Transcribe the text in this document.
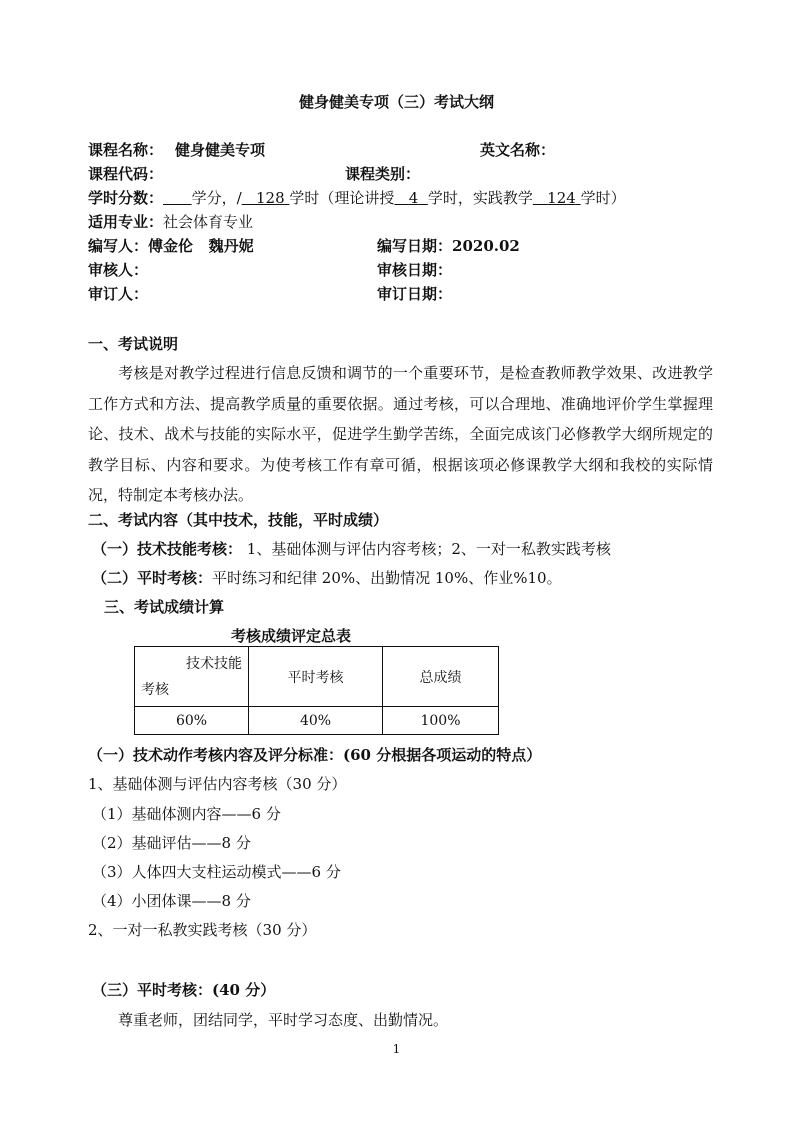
健身健美专项（三）考试大纲
课程名称： 健身健美专项	英文名称：
课程代码：	课程类别：
学时分数： 学分，/ 128 学时（理论讲授 4 学时，实践教学 124 学时）
适用专业：社会体育专业
编写人：傅金伦   魏丹妮	编写日期：2020.02
审核人：	审核日期：
审订人：	审订日期：
一、考试说明
考核是对教学过程进行信息反馈和调节的一个重要环节，是检查教师教学效果、改进教学工作方式和方法、提高教学质量的重要依据。通过考核，可以合理地、准确地评价学生掌握理论、技术、战术与技能的实际水平，促进学生勤学苦练，全面完成该门必修教学大纲所规定的教学目标、内容和要求。为使考核工作有章可循，根据该项必修课教学大纲和我校的实际情况，特制定本考核办法。
二、考试内容（其中技术，技能，平时成绩）
（一）技术技能考核： 1、基础体测与评估内容考核；2、一对一私教实践考核
（二）平时考核：平时练习和纪律 20%、出勤情况 10%、作业%10。
三、考试成绩计算
考核成绩评定总表
技术技能
考核	平时考核	总成绩
60%	40%	100%
（一）技术动作考核内容及评分标准：(60 分根据各项运动的特点）
1、基础体测与评估内容考核（30 分）
（1）基础体测内容——6 分
（2）基础评估——8 分
（3）人体四大支柱运动模式——6 分
（4）小团体课——8 分
2、一对一私教实践考核（30 分）
（三）平时考核：(40 分）
尊重老师，团结同学，平时学习态度、出勤情况。
1
